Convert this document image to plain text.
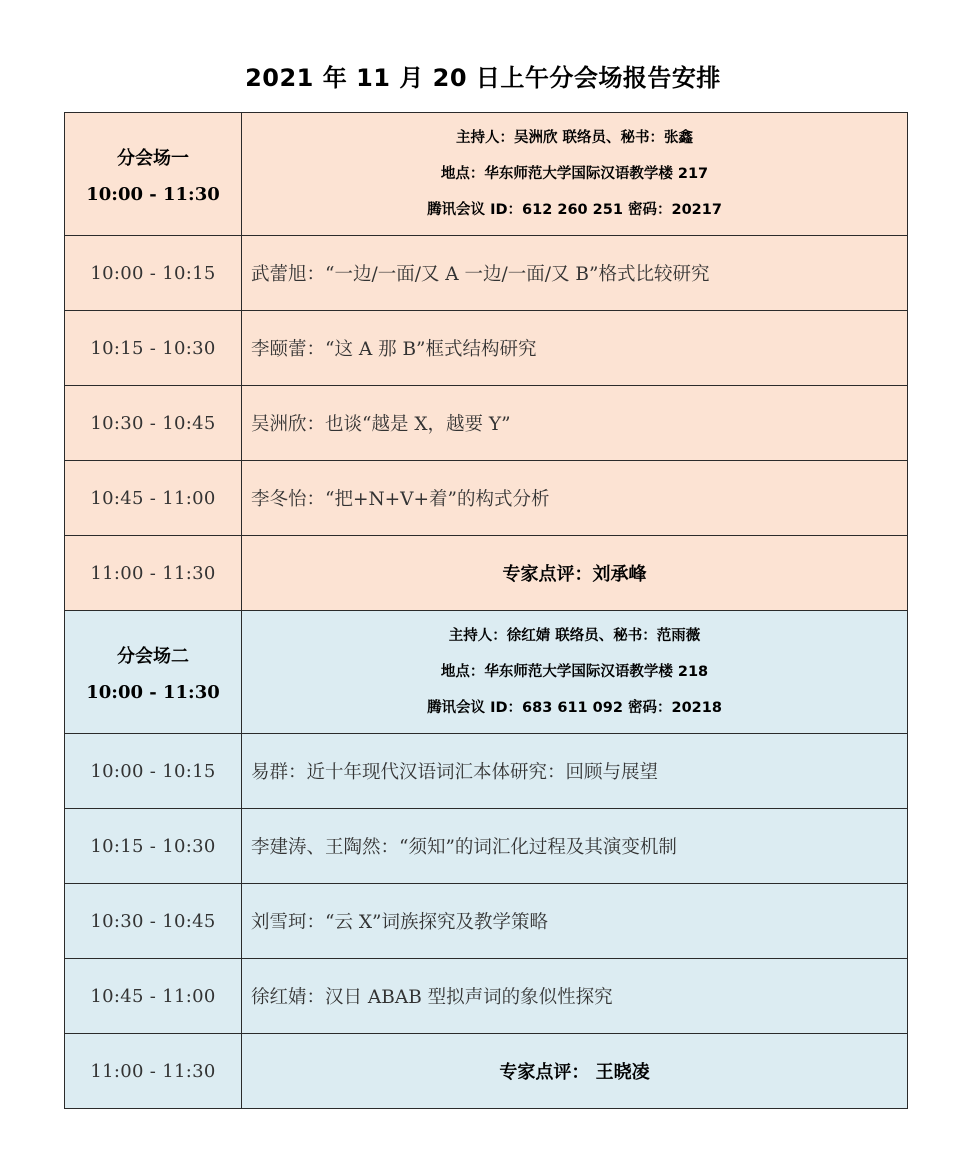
2021 年 11 月 20 日上午分会场报告安排
分会场一
10:00 - 11:30	主持人：吴洲欣 联络员、秘书：张鑫
地点：华东师范大学国际汉语教学楼 217
腾讯会议 ID：612 260 251 密码：20217

10:00 - 10:15	武蕾旭：“一边/一面/又 A 一边/一面/又 B”格式比较研究
10:15 - 10:30	李颐蕾：“这 A 那 B”框式结构研究
10:30 - 10:45	吴洲欣：也谈“越是 X，越要 Y”
10:45 - 11:00	李冬怡：“把+N+V+着”的构式分析
11:00 - 11:30	专家点评：刘承峰

分会场二
10:00 - 11:30	主持人：徐红婧 联络员、秘书：范雨薇
地点：华东师范大学国际汉语教学楼 218
腾讯会议 ID：683 611 092 密码：20218

10:00 - 10:15	易群：近十年现代汉语词汇本体研究：回顾与展望
10:15 - 10:30	李建涛、王陶然：“须知”的词汇化过程及其演变机制
10:30 - 10:45	刘雪珂：“云 X”词族探究及教学策略
10:45 - 11:00	徐红婧：汉日 ABAB 型拟声词的象似性探究
11:00 - 11:30	专家点评： 王晓凌
